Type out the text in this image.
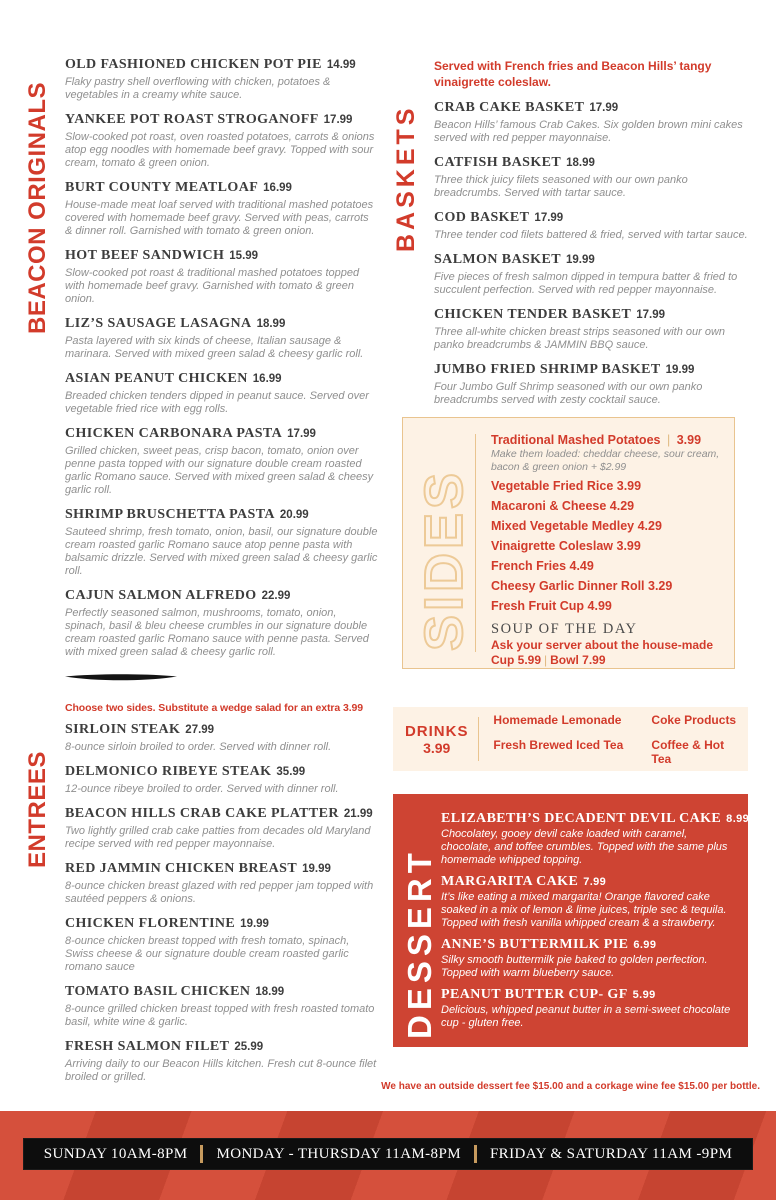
BEACON ORIGINALS
OLD FASHIONED CHICKEN POT PIE 14.99

Flaky pastry shell overflowing with chicken, potatoes & vegetables in a creamy white sauce.

YANKEE POT ROAST STROGANOFF 17.99

Slow-cooked pot roast, oven roasted potatoes, carrots & onions atop egg noodles with homemade beef gravy. Topped with sour cream, tomato & green onion.

BURT COUNTY MEATLOAF 16.99

House-made meat loaf served with traditional mashed potatoes covered with homemade beef gravy. Served with peas, carrots & dinner roll. Garnished with tomato & green onion.

HOT BEEF SANDWICH 15.99

Slow-cooked pot roast & traditional mashed potatoes topped with homemade beef gravy. Garnished with tomato & green onion.

LIZ’S SAUSAGE LASAGNA 18.99

Pasta layered with six kinds of cheese, Italian sausage & marinara. Served with mixed green salad & cheesy garlic roll.

ASIAN PEANUT CHICKEN 16.99

Breaded chicken tenders dipped in peanut sauce. Served over vegetable fried rice with egg rolls.

CHICKEN CARBONARA PASTA 17.99

Grilled chicken, sweet peas, crisp bacon, tomato, onion over penne pasta topped with our signature double cream roasted garlic Romano sauce. Served with mixed green salad & cheesy garlic roll.

SHRIMP BRUSCHETTA PASTA 20.99

Sauteed shrimp, fresh tomato, onion, basil, our signature double cream roasted garlic Romano sauce atop penne pasta with balsamic drizzle. Served with mixed green salad & cheesy garlic roll.

CAJUN SALMON ALFREDO 22.99

Perfectly seasoned salmon, mushrooms, tomato, onion, spinach, basil & bleu cheese crumbles in our signature double cream roasted garlic Romano sauce with penne pasta. Served with mixed green salad & cheesy garlic roll.

Choose two sides. Substitute a wedge salad for an extra 3.99
ENTREES
SIRLOIN STEAK 27.99

8-ounce sirloin broiled to order. Served with dinner roll.

DELMONICO RIBEYE STEAK 35.99

12-ounce ribeye broiled to order. Served with dinner roll.

BEACON HILLS CRAB CAKE PLATTER 21.99

Two lightly grilled crab cake patties from decades old Maryland recipe served with red pepper mayonnaise.

RED JAMMIN CHICKEN BREAST 19.99

8-ounce chicken breast glazed with red pepper jam topped with sautéed peppers & onions.

CHICKEN FLORENTINE 19.99

8-ounce chicken breast topped with fresh tomato, spinach, Swiss cheese & our signature double cream roasted garlic romano sauce

TOMATO BASIL CHICKEN 18.99

8-ounce grilled chicken breast topped with fresh roasted tomato basil, white wine & garlic.

FRESH SALMON FILET 25.99

Arriving daily to our Beacon Hills kitchen. Fresh cut 8-ounce filet broiled or grilled.

BASKETS
Served with French fries and Beacon Hills’ tangy vinaigrette coleslaw.
CRAB CAKE BASKET 17.99

Beacon Hills’ famous Crab Cakes. Six golden brown mini cakes served with red pepper mayonnaise.

CATFISH BASKET 18.99

Three thick juicy filets seasoned with our own panko breadcrumbs. Served with tartar sauce.

COD BASKET 17.99

Three tender cod filets battered & fried, served with tartar sauce.

SALMON BASKET 19.99

Five pieces of fresh salmon dipped in tempura batter & fried to succulent perfection. Served with red pepper mayonnaise.

CHICKEN TENDER BASKET 17.99

Three all-white chicken breast strips seasoned with our own panko breadcrumbs & JAMMIN BBQ sauce.

JUMBO FRIED SHRIMP BASKET 19.99

Four Jumbo Gulf Shrimp seasoned with our own panko breadcrumbs served with zesty cocktail sauce.

SIDES
Traditional Mashed Potatoes | 3.99
Make them loaded: cheddar cheese, sour cream, bacon & green onion + $2.99
Vegetable Fried Rice 3.99
Macaroni & Cheese 4.29
Mixed Vegetable Medley 4.29
Vinaigrette Coleslaw 3.99
French Fries 4.49
Cheesy Garlic Dinner Roll 3.29
Fresh Fruit Cup 4.99
SOUP OF THE DAY
Ask your server about the house-made
Cup 5.99 | Bowl 7.99
DRINKS
3.99
Homemade Lemonade	Coke Products
Fresh Brewed Iced Tea	Coffee & Hot Tea
DESSERT
ELIZABETH’S DECADENT DEVIL CAKE 8.99

Chocolatey, gooey devil cake loaded with caramel, chocolate, and toffee crumbles. Topped with the same plus homemade whipped topping.

MARGARITA CAKE 7.99

It’s like eating a mixed margarita! Orange flavored cake soaked in a mix of lemon & lime juices, triple sec & tequila. Topped with fresh vanilla whipped cream & a strawberry.

ANNE’S BUTTERMILK PIE 6.99

Silky smooth buttermilk pie baked to golden perfection. Topped with warm blueberry sauce.

PEANUT BUTTER CUP- GF 5.99

Delicious, whipped peanut butter in a semi-sweet chocolate cup - gluten free.

We have an outside dessert fee $15.00 and a corkage wine fee $15.00 per bottle.
SUNDAY 10AM-8PM MONDAY - THURSDAY 11AM-8PM FRIDAY & SATURDAY 11AM -9PM
